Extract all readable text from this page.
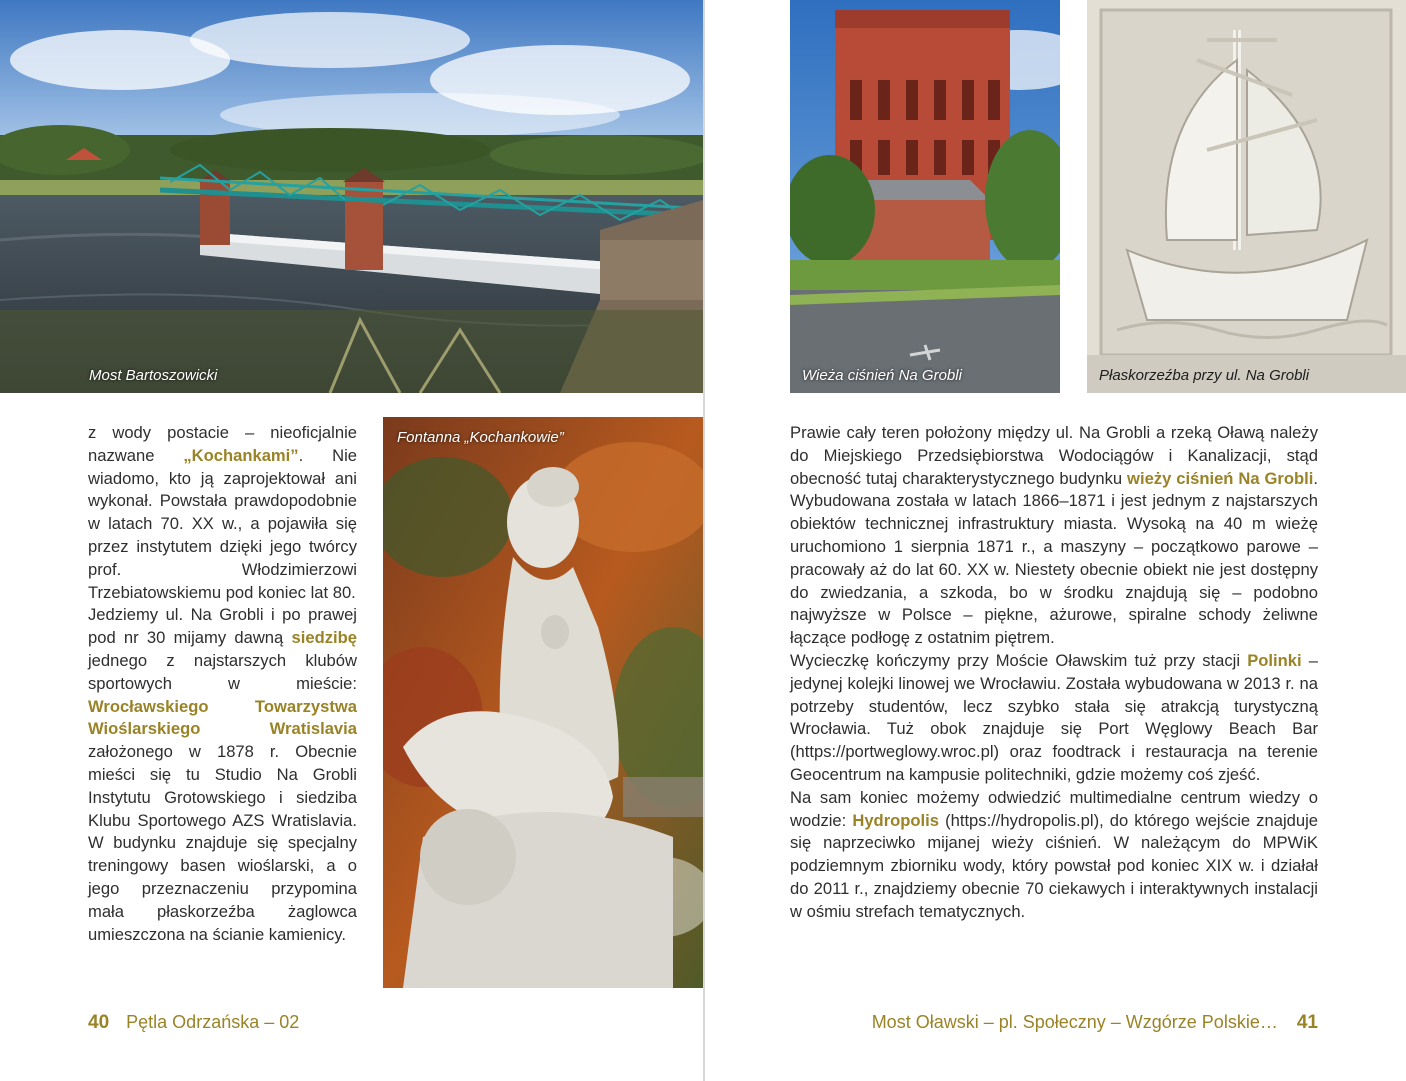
Most Bartoszowicki
Fontanna „Kochankowie”

z wody postacie – nieoficjalnie nazwane „Kochankami”. Nie wiadomo, kto ją zaprojektował ani wykonał. Powstała prawdopodobnie w latach 70. XX w., a pojawiła się przez instytutem dzięki jego twórcy prof. Włodzimierzowi Trzebiatowskiemu pod koniec lat 80.

Jedziemy ul. Na Grobli i po prawej pod nr 30 mijamy dawną siedzibę jednego z najstarszych klubów sportowych w mieście: Wrocławskiego Towarzystwa Wioślarskiego Wratislavia założonego w 1878 r. Obecnie mieści się tu Studio Na Grobli Instytutu Grotowskiego i siedziba Klubu Sportowego AZS Wratislavia. W budynku znajduje się specjalny treningowy basen wioślarski, a o jego przeznaczeniu przypomina mała płaskorzeźba żaglowca umieszczona na ścianie kamienicy.

40 Pętla Odrzańska – 02
Wieża ciśnień Na Grobli	Płaskorzeźba przy ul. Na Grobli

Prawie cały teren położony między ul. Na Grobli a rzeką Oławą należy do Miejskiego Przedsiębiorstwa Wodociągów i Kanalizacji, stąd obecność tutaj charakterystycznego budynku wieży ciśnień Na Grobli. Wybudowana została w latach 1866–1871 i jest jednym z najstarszych obiektów technicznej infrastruktury miasta. Wysoką na 40 m wieżę uruchomiono 1 sierpnia 1871 r., a maszyny – początkowo parowe – pracowały aż do lat 60. XX w. Niestety obecnie obiekt nie jest dostępny do zwiedzania, a szkoda, bo w środku znajdują się – podobno najwyższe w Polsce – piękne, ażurowe, spiralne schody żeliwne łączące podłogę z ostatnim piętrem.

Wycieczkę kończymy przy Moście Oławskim tuż przy stacji Polinki – jedynej kolejki linowej we Wrocławiu. Została wybudowana w 2013 r. na potrzeby studentów, lecz szybko stała się atrakcją turystyczną Wrocławia. Tuż obok znajduje się Port Węglowy Beach Bar (https://portweglowy.wroc.pl) oraz foodtrack i restauracja na terenie Geocentrum na kampusie politechniki, gdzie możemy coś zjeść.

Na sam koniec możemy odwiedzić multimedialne centrum wiedzy o wodzie: Hydropolis (https://hydropolis.pl), do którego wejście znajduje się naprzeciwko mijanej wieży ciśnień. W należącym do MPWiK podziemnym zbiorniku wody, który powstał pod koniec XIX w. i działał do 2011 r., znajdziemy obecnie 70 ciekawych i interaktywnych instalacji w ośmiu strefach tematycznych.

Most Oławski – pl. Społeczny – Wzgórze Polskie… 41
